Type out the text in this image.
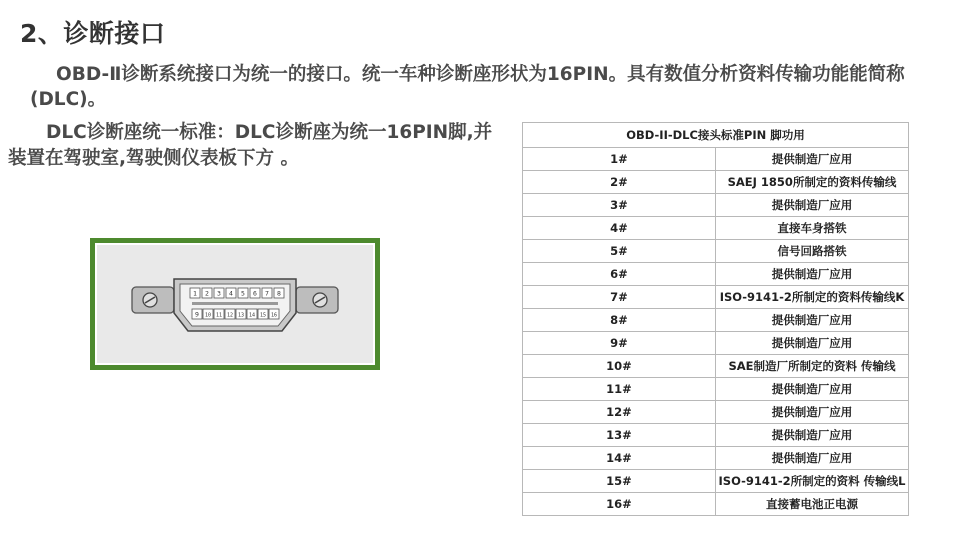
2、诊断接口
OBD-Ⅱ诊断系统接口为统一的接口。统一车种诊断座形状为16PIN。具有数值分析资料传输功能能简称(DLC)。
DLC诊断座统一标准：DLC诊断座为统一16PIN脚,并装置在驾驶室,驾驶侧仪表板下方 。
1 2 3 4 5 6 7 8
9 10 11 12 13 14 15 16
OBD-II-DLC接头标准PIN 脚功用	
1#	提供制造厂应用
2#	SAEJ 1850所制定的资料传输线
3#	提供制造厂应用
4#	直接车身搭铁
5#	信号回路搭铁
6#	提供制造厂应用
7#	ISO-9141-2所制定的资料传输线K
8#	提供制造厂应用
9#	提供制造厂应用
10#	SAE制造厂所制定的资料 传输线
11#	提供制造厂应用
12#	提供制造厂应用
13#	提供制造厂应用
14#	提供制造厂应用
15#	ISO-9141-2所制定的资料 传输线L
16#	直接蓄电池正电源
